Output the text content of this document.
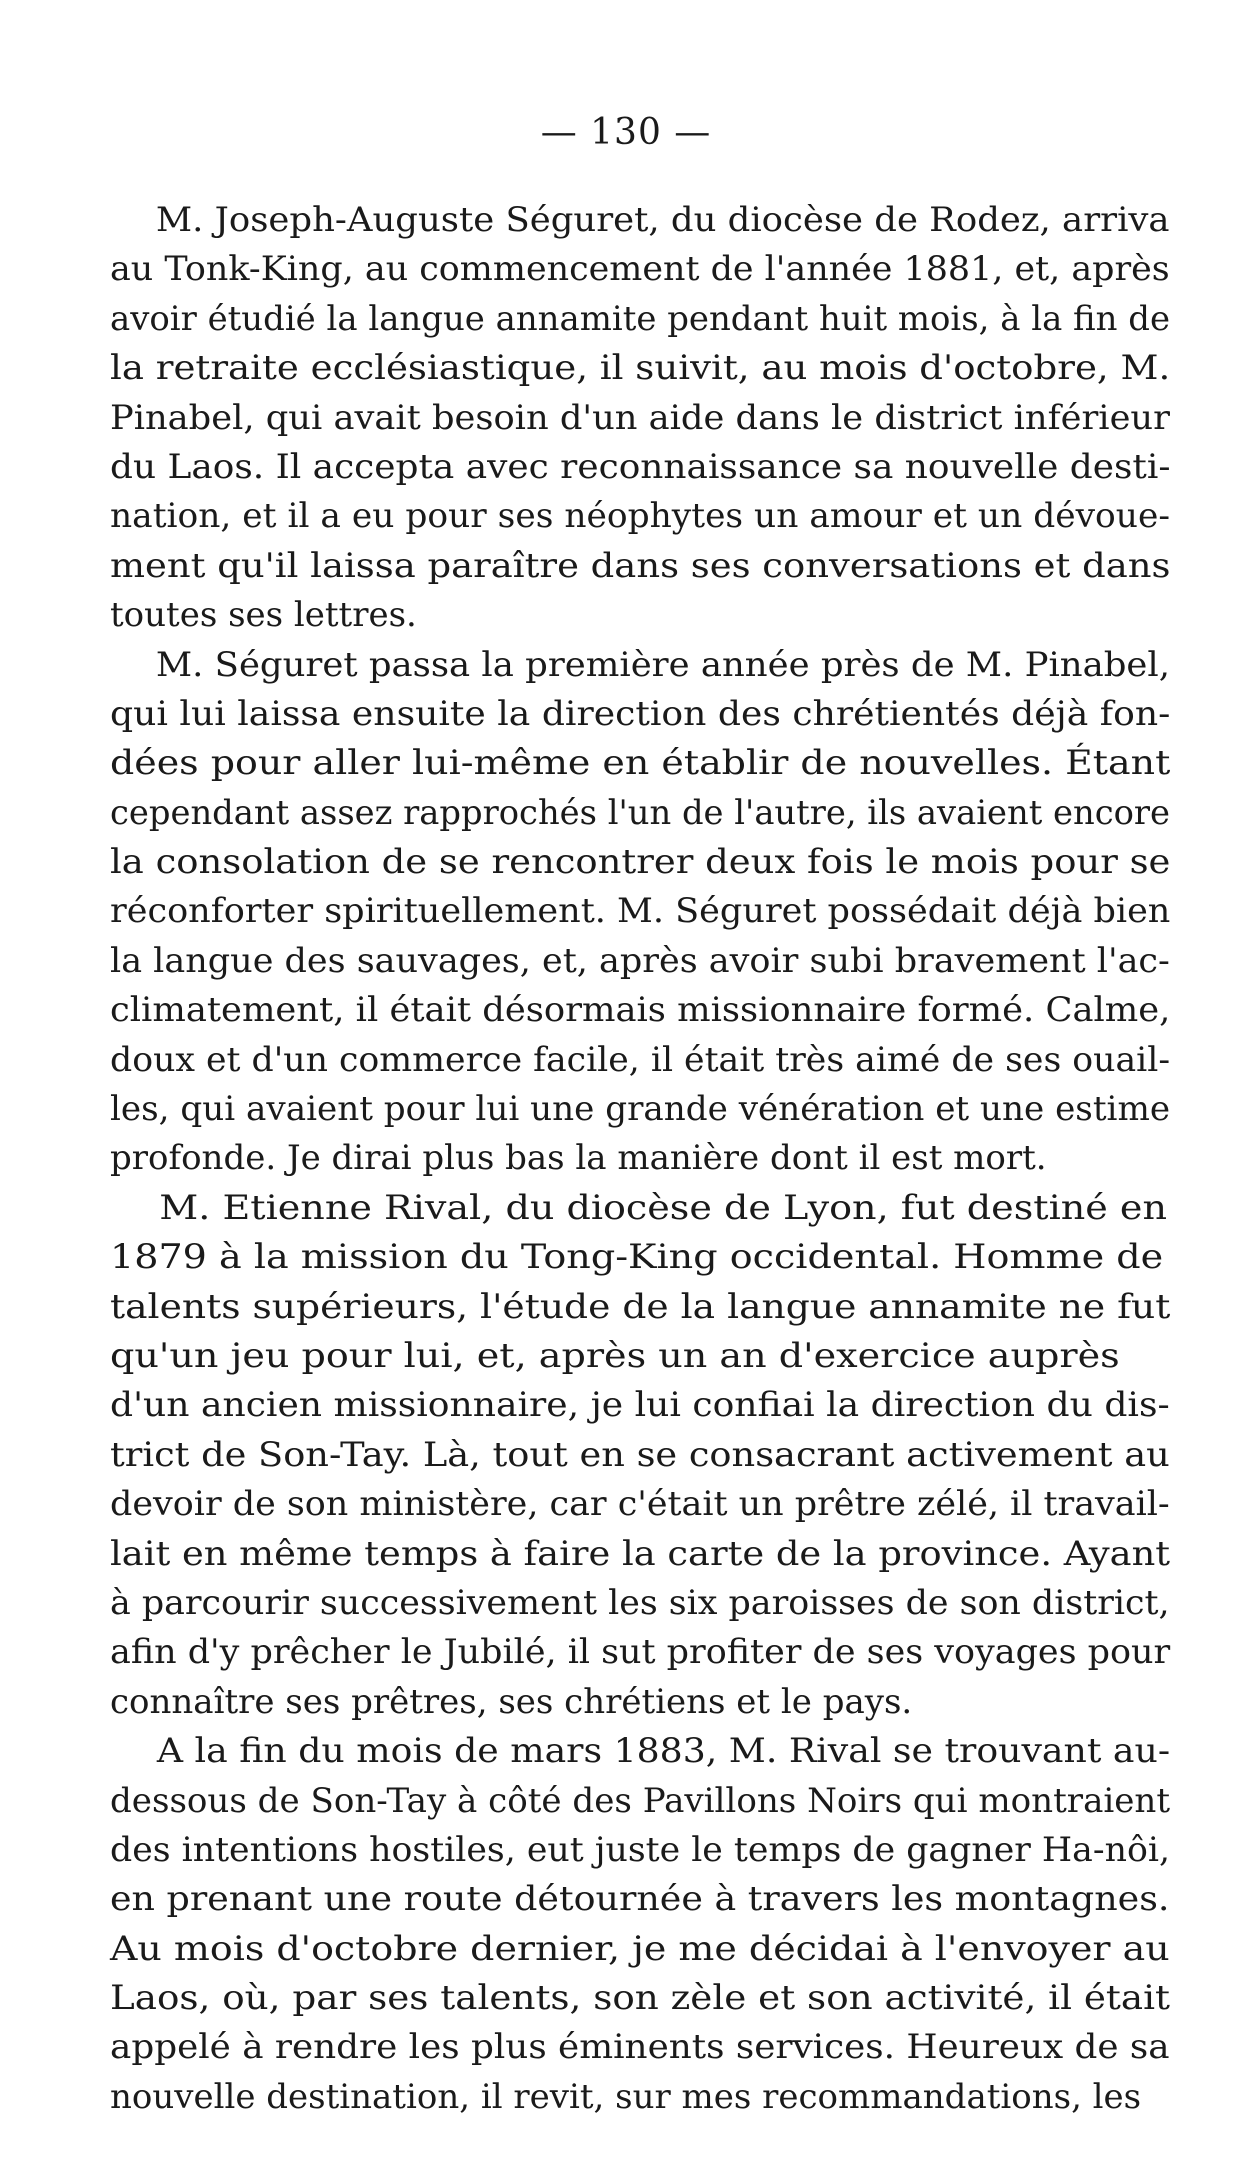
— 130 —
M. Joseph-Auguste Séguret, du diocèse de Rodez, arriva
au Tonk-King, au commencement de l'année 1881, et, après
avoir étudié la langue annamite pendant huit mois, à la fin de
la retraite ecclésiastique, il suivit, au mois d'octobre, M.
Pinabel, qui avait besoin d'un aide dans le district inférieur
du Laos. Il accepta avec reconnaissance sa nouvelle desti-
nation, et il a eu pour ses néophytes un amour et un dévoue-
ment qu'il laissa paraître dans ses conversations et dans
toutes ses lettres.
M. Séguret passa la première année près de M. Pinabel,
qui lui laissa ensuite la direction des chrétientés déjà fon-
dées pour aller lui-même en établir de nouvelles. Étant
cependant assez rapprochés l'un de l'autre, ils avaient encore
la consolation de se rencontrer deux fois le mois pour se
réconforter spirituellement. M. Séguret possédait déjà bien
la langue des sauvages, et, après avoir subi bravement l'ac-
climatement, il était désormais missionnaire formé. Calme,
doux et d'un commerce facile, il était très aimé de ses ouail-
les, qui avaient pour lui une grande vénération et une estime
profonde. Je dirai plus bas la manière dont il est mort.
M. Etienne Rival, du diocèse de Lyon, fut destiné en
1879 à la mission du Tong-King occidental. Homme de
talents supérieurs, l'étude de la langue annamite ne fut
qu'un jeu pour lui, et, après un an d'exercice auprès
d'un ancien missionnaire, je lui confiai la direction du dis-
trict de Son-Tay. Là, tout en se consacrant activement au
devoir de son ministère, car c'était un prêtre zélé, il travail-
lait en même temps à faire la carte de la province. Ayant
à parcourir successivement les six paroisses de son district,
afin d'y prêcher le Jubilé, il sut profiter de ses voyages pour
connaître ses prêtres, ses chrétiens et le pays.
A la fin du mois de mars 1883, M. Rival se trouvant au-
dessous de Son-Tay à côté des Pavillons Noirs qui montraient
des intentions hostiles, eut juste le temps de gagner Ha-nôi,
en prenant une route détournée à travers les montagnes.
Au mois d'octobre dernier, je me décidai à l'envoyer au
Laos, où, par ses talents, son zèle et son activité, il était
appelé à rendre les plus éminents services. Heureux de sa
nouvelle destination, il revit, sur mes recommandations, les
